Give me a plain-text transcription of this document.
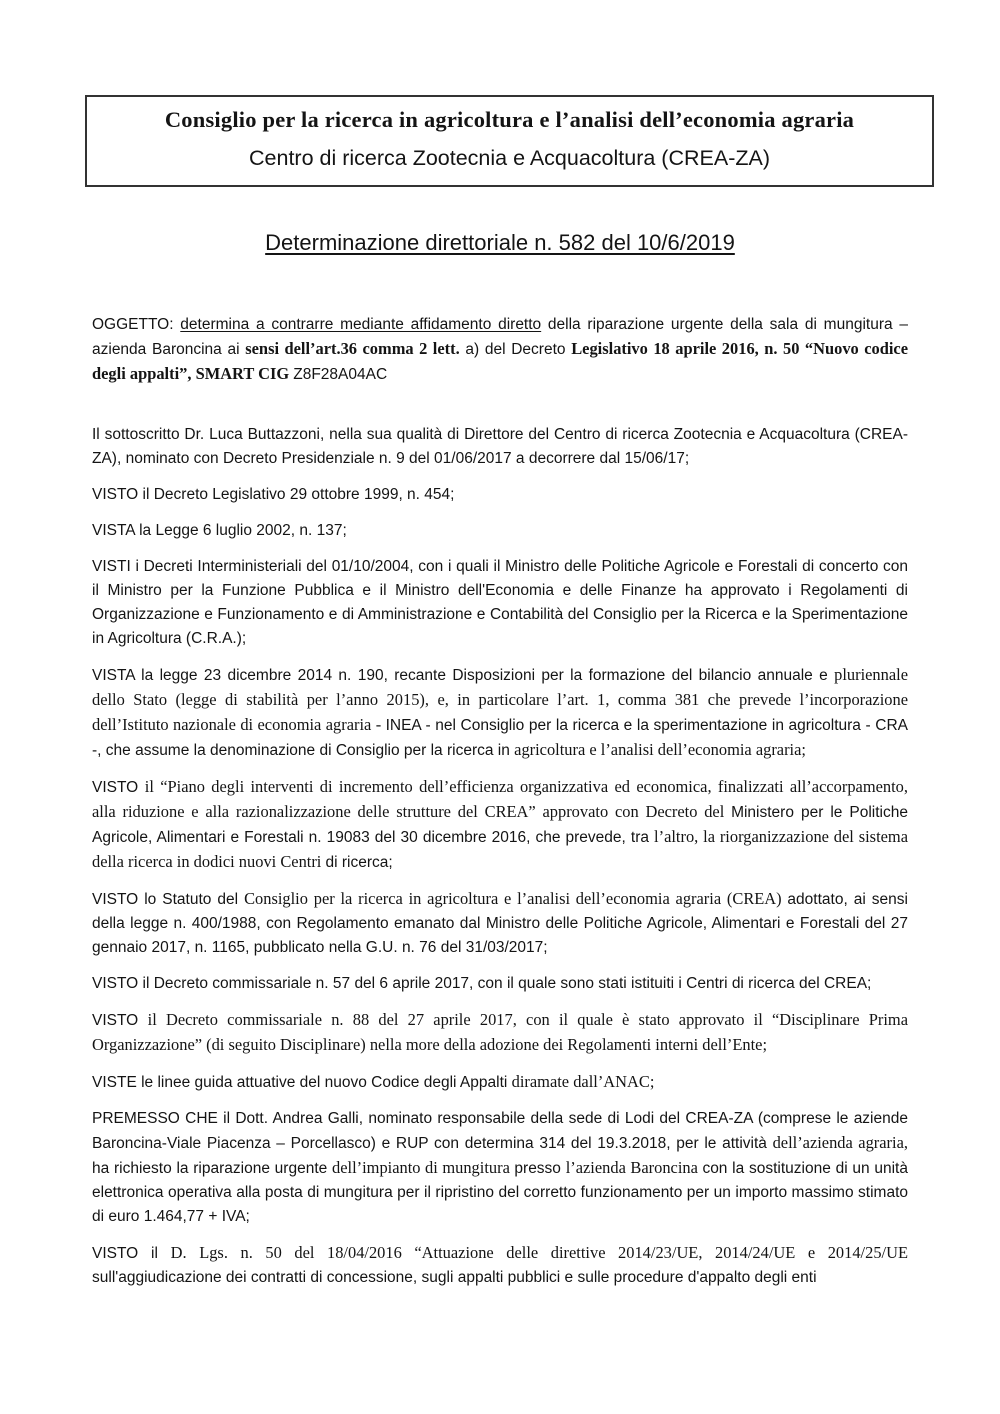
Consiglio per la ricerca in agricoltura e l’analisi dell’economia agraria
Centro di ricerca Zootecnia e Acquacoltura (CREA-ZA)
Determinazione direttoriale n. 582 del 10/6/2019

OGGETTO: determina a contrarre mediante affidamento diretto della riparazione urgente della sala di mungitura – azienda Baroncina ai sensi dell’art.36 comma 2 lett. a) del Decreto Legislativo 18 aprile 2016, n. 50 “Nuovo codice degli appalti”, SMART CIG Z8F28A04AC

Il sottoscritto Dr. Luca Buttazzoni, nella sua qualità di Direttore del Centro di ricerca Zootecnia e Acquacoltura (CREA-ZA), nominato con Decreto Presidenziale n. 9 del 01/06/2017 a decorrere dal 15/06/17;

VISTO il Decreto Legislativo 29 ottobre 1999, n. 454;

VISTA la Legge 6 luglio 2002, n. 137;

VISTI i Decreti Interministeriali del 01/10/2004, con i quali il Ministro delle Politiche Agricole e Forestali di concerto con il Ministro per la Funzione Pubblica e il Ministro dell'Economia e delle Finanze ha approvato i Regolamenti di Organizzazione e Funzionamento e di Amministrazione e Contabilità del Consiglio per la Ricerca e la Sperimentazione in Agricoltura (C.R.A.);

VISTA la legge 23 dicembre 2014 n. 190, recante Disposizioni per la formazione del bilancio annuale e pluriennale dello Stato (legge di stabilità per l’anno 2015), e, in particolare l’art. 1, comma 381 che prevede l’incorporazione dell’Istituto nazionale di economia agraria - INEA - nel Consiglio per la ricerca e la sperimentazione in agricoltura - CRA -, che assume la denominazione di Consiglio per la ricerca in agricoltura e l’analisi dell’economia agraria;

VISTO il “Piano degli interventi di incremento dell’efficienza organizzativa ed economica, finalizzati all’accorpamento, alla riduzione e alla razionalizzazione delle strutture del CREA” approvato con Decreto del Ministero per le Politiche Agricole, Alimentari e Forestali n. 19083 del 30 dicembre 2016, che prevede, tra l’altro, la riorganizzazione del sistema della ricerca in dodici nuovi Centri di ricerca;

VISTO lo Statuto del Consiglio per la ricerca in agricoltura e l’analisi dell’economia agraria (CREA) adottato, ai sensi della legge n. 400/1988, con Regolamento emanato dal Ministro delle Politiche Agricole, Alimentari e Forestali del 27 gennaio 2017, n. 1165, pubblicato nella G.U. n. 76 del 31/03/2017;

VISTO il Decreto commissariale n. 57 del 6 aprile 2017, con il quale sono stati istituiti i Centri di ricerca del CREA;

VISTO il Decreto commissariale n. 88 del 27 aprile 2017, con il quale è stato approvato il “Disciplinare Prima Organizzazione” (di seguito Disciplinare) nella more della adozione dei Regolamenti interni dell’Ente;

VISTE le linee guida attuative del nuovo Codice degli Appalti diramate dall’ANAC;

PREMESSO CHE il Dott. Andrea Galli, nominato responsabile della sede di Lodi del CREA-ZA (comprese le aziende Baroncina-Viale Piacenza – Porcellasco) e RUP con determina 314 del 19.3.2018, per le attività dell’azienda agraria, ha richiesto la riparazione urgente dell’impianto di mungitura presso l’azienda Baroncina con la sostituzione di un unità elettronica operativa alla posta di mungitura per il ripristino del corretto funzionamento per un importo massimo stimato di euro 1.464,77 + IVA;

VISTO il D. Lgs. n. 50 del 18/04/2016 “Attuazione delle direttive 2014/23/UE, 2014/24/UE e 2014/25/UE sull'aggiudicazione dei contratti di concessione, sugli appalti pubblici e sulle procedure d'appalto degli enti
